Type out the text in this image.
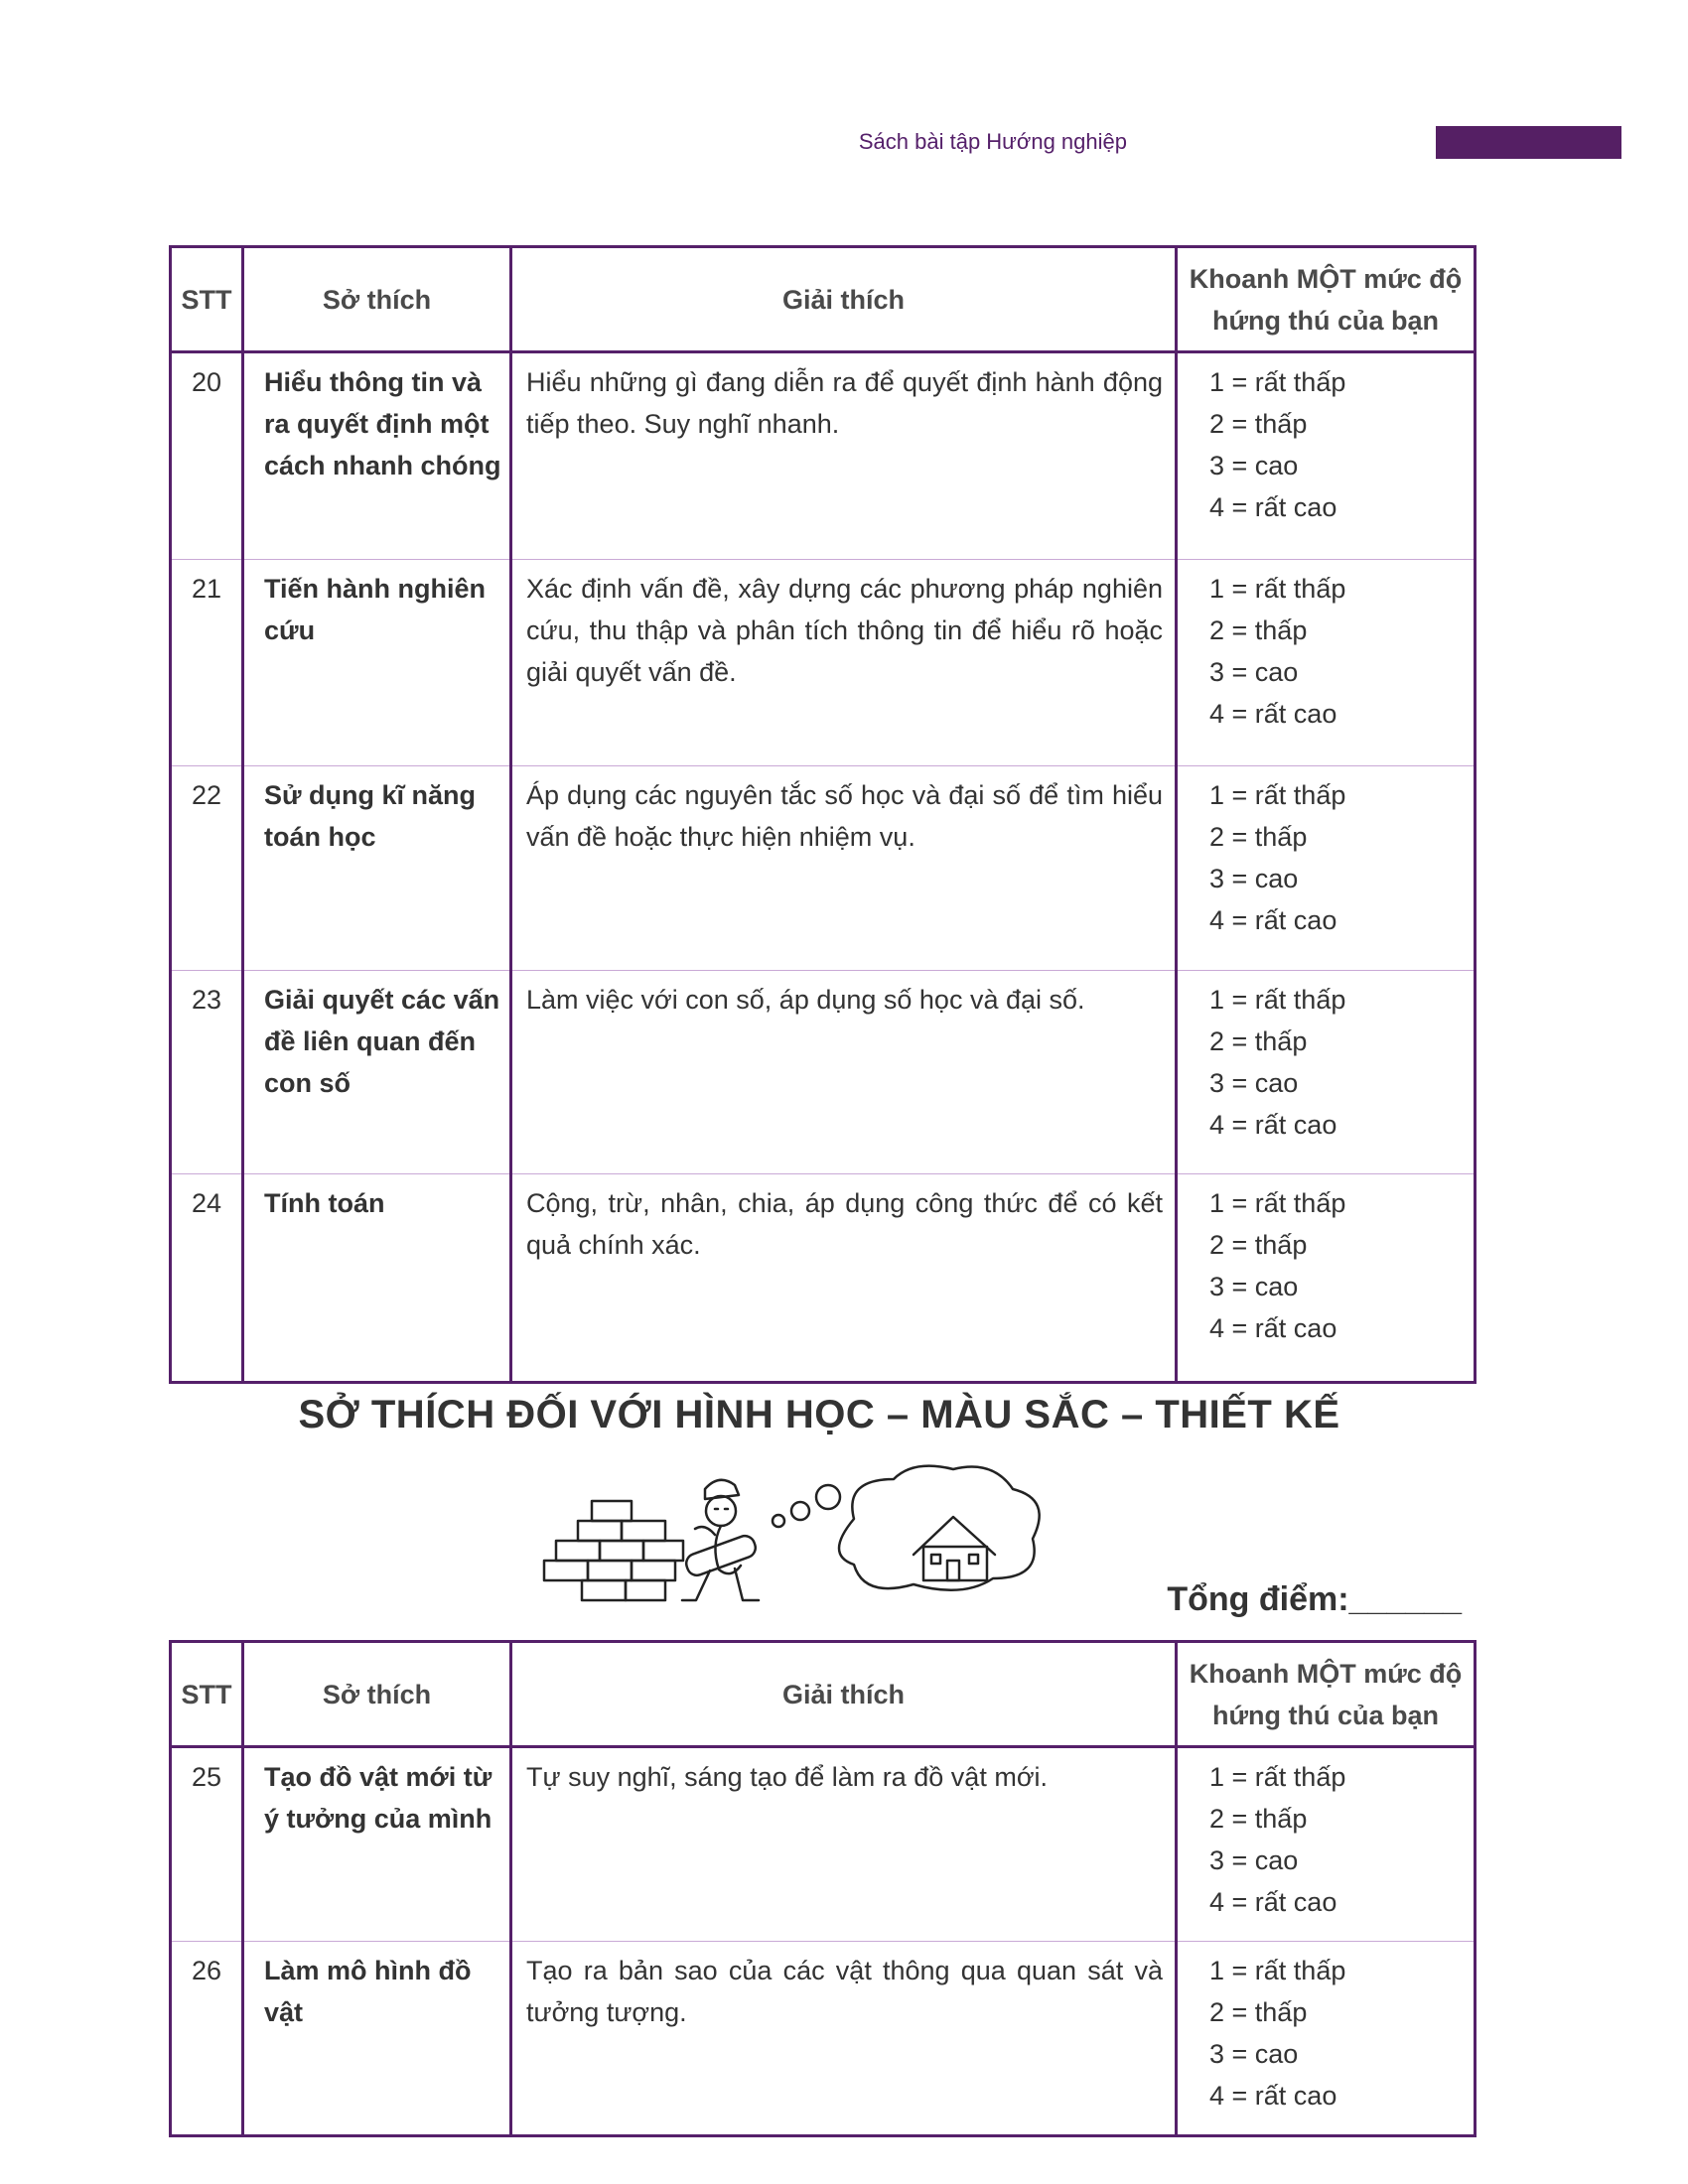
Sách bài tập Hướng nghiệp
STT	Sở thích	Giải thích	Khoanh MỘT mức độ
hứng thú của bạn

20	Hiểu thông tin và ra quyết định một cách nhanh chóng	Hiểu những gì đang diễn ra để quyết định hành động tiếp theo. Suy nghĩ nhanh.	1 = rất thấp
2 = thấp
3 = cao
4 = rất cao

21	Tiến hành nghiên cứu	Xác định vấn đề, xây dựng các phương pháp nghiên cứu, thu thập và phân tích thông tin để hiểu rõ hoặc giải quyết vấn đề.	1 = rất thấp
2 = thấp
3 = cao
4 = rất cao

22	Sử dụng kĩ năng toán học	Áp dụng các nguyên tắc số học và đại số để tìm hiểu vấn đề hoặc thực hiện nhiệm vụ.	1 = rất thấp
2 = thấp
3 = cao
4 = rất cao

23	Giải quyết các vấn đề liên quan đến con số	Làm việc với con số, áp dụng số học và đại số.	1 = rất thấp
2 = thấp
3 = cao
4 = rất cao

24	Tính toán	Cộng, trừ, nhân, chia, áp dụng công thức để có kết quả chính xác.	1 = rất thấp
2 = thấp
3 = cao
4 = rất cao
SỞ THÍCH ĐỐI VỚI HÌNH HỌC – MÀU SẮC – THIẾT KẾ
Tổng điểm:______
STT	Sở thích	Giải thích	Khoanh MỘT mức độ
hứng thú của bạn

25	Tạo đồ vật mới từ ý tưởng của mình	Tự suy nghĩ, sáng tạo để làm ra đồ vật mới.	1 = rất thấp
2 = thấp
3 = cao
4 = rất cao

26	Làm mô hình đồ vật	Tạo ra bản sao của các vật thông qua quan sát và tưởng tượng.	1 = rất thấp
2 = thấp
3 = cao
4 = rất cao
